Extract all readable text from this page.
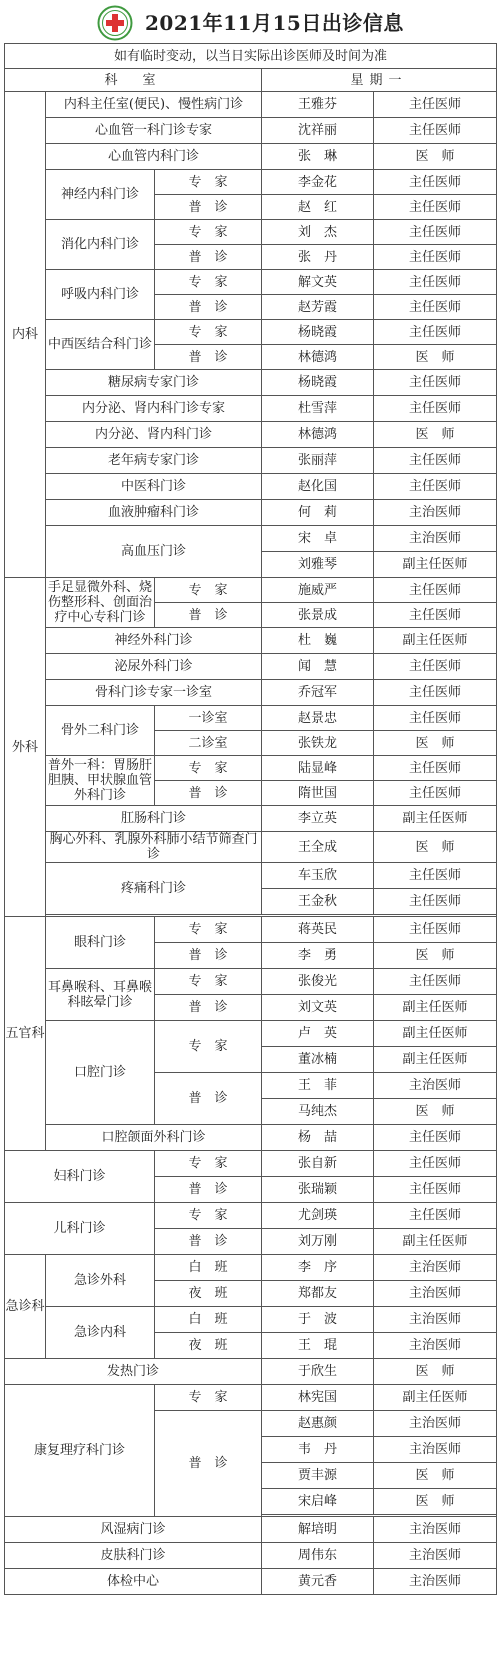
2021年11月15日出诊信息
如有临时变动，以当日实际出诊医师及时间为准				
科　室			星期一	
内科	内科主任室(便民)、慢性病门诊		王雅芬	主任医师
	心血管一科门诊专家		沈祥丽	主任医师
	心血管内科门诊		张　琳	医　师
	神经内科门诊	专　家	李金花	主任医师
		普　诊	赵　红	主任医师
	消化内科门诊	专　家	刘　杰	主任医师
		普　诊	张　丹	主任医师
	呼吸内科门诊	专　家	解文英	主任医师
		普　诊	赵芳霞	主任医师
	中西医结合科门诊	专　家	杨晓霞	主任医师
		普　诊	林德鸿	医　师
	糖尿病专家门诊		杨晓霞	主任医师
	内分泌、肾内科门诊专家		杜雪萍	主任医师
	内分泌、肾内科门诊		林德鸿	医　师
	老年病专家门诊		张丽萍	主任医师
	中医科门诊		赵化国	主任医师
	血液肿瘤科门诊		何　莉	主治医师
	高血压门诊		宋　卓	主治医师
			刘雅琴	副主任医师
外科	手足显微外科、烧伤整形科、创面治疗中心专科门诊	专　家	施威严	主任医师
		普　诊	张景成	主任医师
	神经外科门诊		杜　巍	副主任医师
	泌尿外科门诊		闻　慧	主任医师
	骨科门诊专家一诊室		乔冠军	主任医师
	骨外二科门诊	一诊室	赵景忠	主任医师
		二诊室	张铁龙	医　师
	普外一科：胃肠肝胆胰、甲状腺血管外科门诊	专　家	陆显峰	主任医师
		普　诊	隋世国	主任医师
	肛肠科门诊		李立英	副主任医师
	胸心外科、乳腺外科肺小结节筛查门诊		王全成	医　师
	疼痛科门诊		车玉欣	主任医师
			王金秋	主任医师

五官科	眼科门诊	专　家	蒋英民	主任医师
		普　诊	李　勇	医　师
	耳鼻喉科、耳鼻喉科眩晕门诊	专　家	张俊光	主任医师
		普　诊	刘文英	副主任医师
	口腔门诊	专　家	卢　英	副主任医师
			董冰楠	副主任医师
		普　诊	王　菲	主治医师
			马纯杰	医　师
	口腔颌面外科门诊		杨　喆	主任医师
妇科门诊		专　家	张自新	主任医师
		普　诊	张瑞颖	主任医师
儿科门诊		专　家	尤剑瑛	主任医师
		普　诊	刘万刚	副主任医师
急诊科	急诊外科	白　班	李　序	主治医师
		夜　班	郑都友	主治医师
	急诊内科	白　班	于　波	主治医师
		夜　班	王　琨	主治医师
发热门诊			于欣生	医　师
康复理疗科门诊		专　家	林宪国	副主任医师
		普　诊	赵惠颜	主治医师
			韦　丹	主治医师
			贾丰源	医　师
			宋启峰	医　师

风湿病门诊			解培明	主治医师
皮肤科门诊			周伟东	主治医师
体检中心			黄元香	主治医师
